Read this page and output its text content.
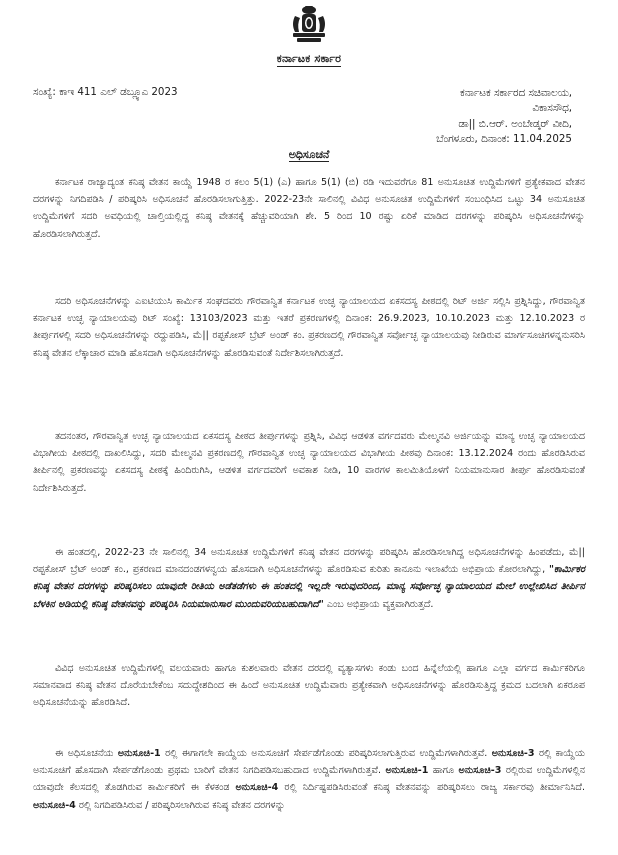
ಕರ್ನಾಟಕ ಸರ್ಕಾರ
ಸಂಖ್ಯೆ: ಕಾಇ 411 ಎಲ್ ಡಬ್ಲ್ಯೂಎ 2023	ಕರ್ನಾಟಕ ಸರ್ಕಾರದ ಸಚಿವಾಲಯ,
ವಿಕಾಸಸೌಧ,
ಡಾ|| ಬಿ.ಆರ್. ಅಂಬೇಡ್ಕರ್ ವೀದಿ,
ಬೆಂಗಳೂರು, ದಿನಾಂಕ: 11.04.2025
ಅಧಿಸೂಚನೆ
ಕರ್ನಾಟಕ ರಾಜ್ಯಾದ್ಯಂತ ಕನಿಷ್ಠ ವೇತನ ಕಾಯ್ದೆ 1948 ರ ಕಲಂ 5(1) (ಎ) ಹಾಗೂ 5(1) (ಬಿ) ರಡಿ ಇದುವರೆಗೂ 81 ಅನುಸೂಚಿತ ಉದ್ದಿಮೆಗಳಿಗೆ ಪ್ರತ್ಯೇಕವಾದ ವೇತನ ದರಗಳನ್ನು ನಿಗದಿಪಡಿಸಿ / ಪರಿಷ್ಕರಿಸಿ ಅಧಿಸೂಚನೆ ಹೊರಡಿಸಲಾಗುತ್ತಿತ್ತು. 2022-23ನೇ ಸಾಲಿನಲ್ಲಿ ವಿವಿಧ ಅನುಸೂಚಿತ ಉದ್ದಿಮೆಗಳಿಗೆ ಸಂಬಂಧಿಸಿದ ಒಟ್ಟು 34 ಅನುಸೂಚಿತ ಉದ್ದಿಮೆಗಳಿಗೆ ಸದರಿ ಅವಧಿಯಲ್ಲಿ ಚಾಲ್ತಿಯಲ್ಲಿದ್ದ ಕನಿಷ್ಠ ವೇತನಕ್ಕೆ ಹೆಚ್ಚುವರಿಯಾಗಿ ಶೇ. 5 ರಿಂದ 10 ರಷ್ಟು ಏರಿಕೆ ಮಾಡಿದ ದರಗಳನ್ನು ಪರಿಷ್ಕರಿಸಿ ಅಧಿಸೂಚನೆಗಳನ್ನು ಹೊರಡಿಸಲಾಗಿರುತ್ತದೆ.
ಸದರಿ ಅಧಿಸೂಚನೆಗಳನ್ನು ಎಐಟಿಯುಸಿ ಕಾರ್ಮಿಕ ಸಂಘದವರು ಗೌರವಾನ್ವಿತ ಕರ್ನಾಟಕ ಉಚ್ಛ ನ್ಯಾಯಾಲಯದ ಏಕಸದಸ್ಯ ಪೀಠದಲ್ಲಿ ರಿಟ್ ಅರ್ಜಿ ಸಲ್ಲಿಸಿ ಪ್ರಶ್ನಿಸಿದ್ದು, ಗೌರವಾನ್ವಿತ ಕರ್ನಾಟಕ ಉಚ್ಛ ನ್ಯಾಯಾಲಯವು ರಿಟ್ ಸಂಖ್ಯೆ: 13103/2023 ಮತ್ತು ಇತರೆ ಪ್ರಕರಣಗಳಲ್ಲಿ ದಿನಾಂಕ: 26.9.2023, 10.10.2023 ಮತ್ತು 12.10.2023 ರ ತೀರ್ಪುಗಳಲ್ಲಿ ಸದರಿ ಅಧಿಸೂಚನೆಗಳನ್ನು ರದ್ದುಪಡಿಸಿ, ಮೆ|| ರಪ್ಟಕೋಸ್ ಬ್ರೆಟ್ ಅಂಡ್ ಕಂ. ಪ್ರಕರಣದಲ್ಲಿ ಗೌರವಾನ್ವಿತ ಸರ್ವೋಚ್ಛ ನ್ಯಾಯಾಲಯವು ನೀಡಿರುವ ಮಾರ್ಗಸೂಚಿಗಳನ್ನನುಸರಿಸಿ ಕನಿಷ್ಠ ವೇತನ ಲೆಕ್ಕಾಚಾರ ಮಾಡಿ ಹೊಸದಾಗಿ ಅಧಿಸೂಚನೆಗಳನ್ನು ಹೊರಡಿಸುವಂತೆ ನಿರ್ದೇಶಿಸಲಾಗಿರುತ್ತದೆ.
ತದನಂತರ, ಗೌರವಾನ್ವಿತ ಉಚ್ಛ ನ್ಯಾಯಾಲಯದ ಏಕಸದಸ್ಯ ಪೀಠದ ತೀರ್ಪುಗಳನ್ನು ಪ್ರಶ್ನಿಸಿ, ವಿವಿಧ ಆಡಳಿತ ವರ್ಗದವರು ಮೇಲ್ಮನವಿ ಅರ್ಜಿಯನ್ನು ಮಾನ್ಯ ಉಚ್ಛ ನ್ಯಾಯಾಲಯದ ವಿಭಾಗೀಯ ಪೀಠದಲ್ಲಿ ದಾಖಲಿಸಿದ್ದು, ಸದರಿ ಮೇಲ್ಮನವಿ ಪ್ರಕರಣದಲ್ಲಿ ಗೌರವಾನ್ವಿತ ಉಚ್ಛ ನ್ಯಾಯಾಲಯದ ವಿಭಾಗೀಯ ಪೀಠವು ದಿನಾಂಕ: 13.12.2024 ರಂದು ಹೊರಡಿಸಿರುವ ತೀರ್ಪಿನಲ್ಲಿ ಪ್ರಕರಣವನ್ನು ಏಕಸದಸ್ಯ ಪೀಠಕ್ಕೆ ಹಿಂದಿರುಗಿಸಿ, ಆಡಳಿತ ವರ್ಗದವರಿಗೆ ಅವಕಾಶ ನೀಡಿ, 10 ವಾರಗಳ ಕಾಲಮಿತಿಯೊಳಗೆ ನಿಯಮಾನುಸಾರ ತೀರ್ಪು ಹೊರಡಿಸುವಂತೆ ನಿರ್ದೇಶಿಸಿರುತ್ತದೆ.
ಈ ಹಂತದಲ್ಲಿ, 2022-23 ನೇ ಸಾಲಿನಲ್ಲಿ 34 ಅನುಸೂಚಿತ ಉದ್ದಿಮೆಗಳಿಗೆ ಕನಿಷ್ಠ ವೇತನ ದರಗಳನ್ನು ಪರಿಷ್ಕರಿಸಿ ಹೊರಡಿಸಲಾಗಿದ್ದ ಅಧಿಸೂಚನೆಗಳನ್ನು ಹಿಂಪಡೆದು, ಮೆ|| ರಪ್ಟಕೋಸ್ ಬ್ರೆಟ್ ಅಂಡ್ ಕಂ., ಪ್ರಕರಣದ ಮಾನದಂಡಗಳನ್ವಯ ಹೊಸದಾಗಿ ಅಧಿಸೂಚನೆಗಳನ್ನು ಹೊರಡಿಸುವ ಕುರಿತು ಕಾನೂನು ಇಲಾಖೆಯ ಅಭಿಪ್ರಾಯ ಕೋರಲಾಗಿದ್ದು, "ಕಾರ್ಮಿಕರ ಕನಿಷ್ಠ ವೇತನ ದರಗಳನ್ನು ಪರಿಷ್ಕರಿಸಲು ಯಾವುದೇ ರೀತಿಯ ಅಡೆತಡೆಗಳು ಈ ಹಂತದಲ್ಲಿ ಇಲ್ಲದೇ ಇರುವುದರಿಂದ, ಮಾನ್ಯ ಸರ್ವೋಚ್ಛ ನ್ಯಾಯಾಲಯದ ಮೇಲೆ ಉಲ್ಲೇಖಿಸಿದ ತೀರ್ಪಿನ ಬೆಳಕಿನ ಅಡಿಯಲ್ಲಿ ಕನಿಷ್ಠ ವೇತನವನ್ನು ಪರಿಷ್ಕರಿಸಿ ನಿಯಮಾನುಸಾರ ಮುಂದುವರಿಯಬಹುದಾಗಿದೆ" ಎಂಬ ಅಭಿಪ್ರಾಯ ವ್ಯಕ್ತವಾಗಿರುತ್ತದೆ.
ವಿವಿಧ ಅನುಸೂಚಿತ ಉದ್ದಿಮೆಗಳಲ್ಲಿ ವಲಯವಾರು ಹಾಗೂ ಕುಶಲವಾರು ವೇತನ ದರದಲ್ಲಿ ವ್ಯತ್ಯಾಸಗಳು ಕಂಡು ಬಂದ ಹಿನ್ನೆಲೆಯಲ್ಲಿ ಹಾಗೂ ಎಲ್ಲಾ ವರ್ಗದ ಕಾರ್ಮಿಕರಿಗೂ ಸಮಾನವಾದ ಕನಿಷ್ಠ ವೇತನ ದೊರೆಯಬೇಕೆಂಬ ಸದುದ್ದೇಶದಿಂದ ಈ ಹಿಂದೆ ಅನುಸೂಚಿತ ಉದ್ದಿಮೆವಾರು ಪ್ರತ್ಯೇಕವಾಗಿ ಅಧಿಸೂಚನೆಗಳನ್ನು ಹೊರಡಿಸುತ್ತಿದ್ದ ಕ್ರಮದ ಬದಲಾಗಿ ಏಕರೂಪ ಅಧಿಸೂಚನೆಯನ್ನು ಹೊರಡಿಸಿದೆ.
ಈ ಅಧಿಸೂಚನೆಯ ಅನುಸೂಚಿ-1 ರಲ್ಲಿ ಈಗಾಗಲೇ ಕಾಯ್ದೆಯ ಅನುಸೂಚಿಗೆ ಸೇರ್ಪಡೆಗೊಂಡು ಪರಿಷ್ಕರಿಸಲಾಗುತ್ತಿರುವ ಉದ್ದಿಮೆಗಳಾಗಿರುತ್ತವೆ. ಅನುಸೂಚಿ-3 ರಲ್ಲಿ ಕಾಯ್ದೆಯ ಅನುಸೂಚಿಗೆ ಹೊಸದಾಗಿ ಸೇರ್ಪಡೆಗೊಂಡು ಪ್ರಥಮ ಬಾರಿಗೆ ವೇತನ ನಿಗದಿಪಡಿಸಬಹುದಾದ ಉದ್ದಿಮೆಗಳಾಗಿರುತ್ತವೆ. ಅನುಸೂಚಿ-1 ಹಾಗೂ ಅನುಸೂಚಿ-3 ರಲ್ಲಿರುವ ಉದ್ದಿಮೆಗಳಲ್ಲಿನ ಯಾವುದೇ ಕೆಲಸದಲ್ಲಿ ತೊಡಗಿರುವ ಕಾರ್ಮಿಕರಿಗೆ ಈ ಕೆಳಕಂಡ ಅನುಸೂಚಿ-4 ರಲ್ಲಿ ನಿರ್ದಿಷ್ಟಪಡಿಸಿರುವಂತೆ ಕನಿಷ್ಠ ವೇತನವನ್ನು ಪರಿಷ್ಕರಿಸಲು ರಾಜ್ಯ ಸರ್ಕಾರವು ತೀರ್ಮಾನಿಸಿದೆ. ಅನುಸೂಚಿ-4 ರಲ್ಲಿ ನಿಗದಿಪಡಿಸಿರುವ / ಪರಿಷ್ಕರಿಸಲಾಗಿರುವ ಕನಿಷ್ಠ ವೇತನ ದರಗಳನ್ನು
